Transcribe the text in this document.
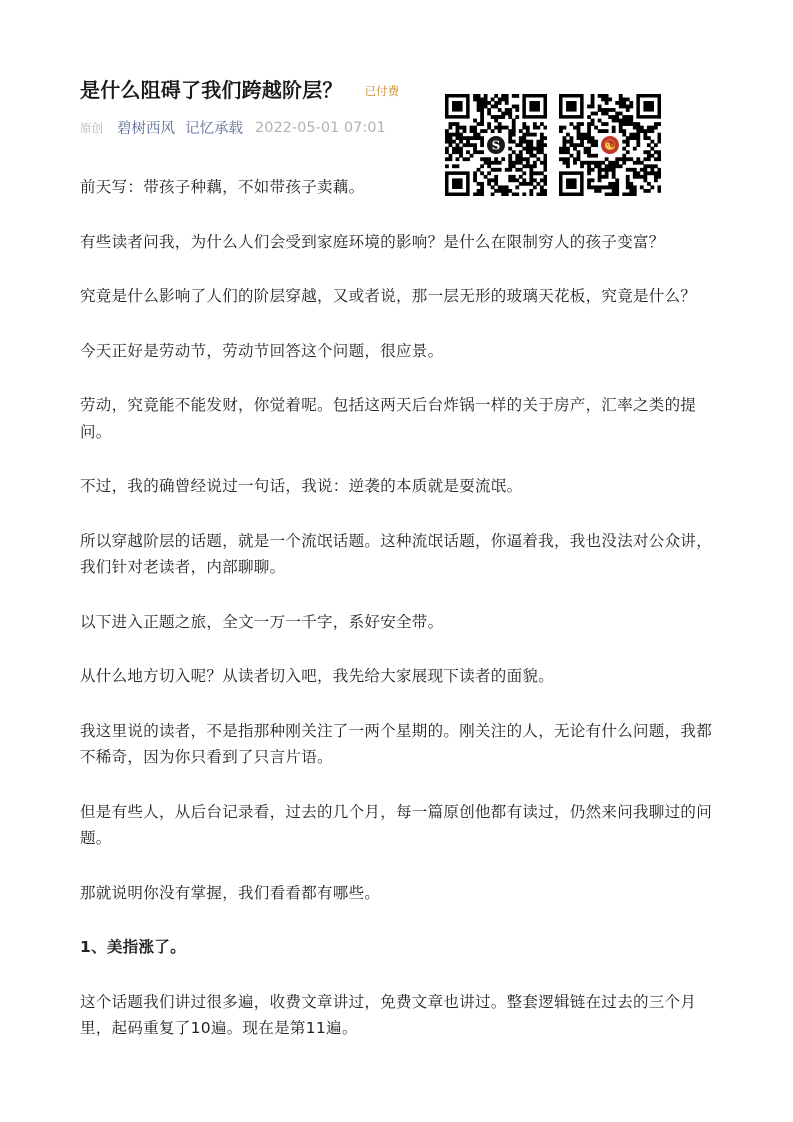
是什么阻碍了我们跨越阶层？ 已付费
原创 碧树西风 记忆承载 2022-05-01 07:01
S	☯

前天写：带孩子种藕，不如带孩子卖藕。

有些读者问我，为什么人们会受到家庭环境的影响？是什么在限制穷人的孩子变富？

究竟是什么影响了人们的阶层穿越，又或者说，那一层无形的玻璃天花板，究竟是什么？

今天正好是劳动节，劳动节回答这个问题，很应景。

劳动，究竟能不能发财，你觉着呢。包括这两天后台炸锅一样的关于房产，汇率之类的提问。

不过，我的确曾经说过一句话，我说：逆袭的本质就是耍流氓。

所以穿越阶层的话题，就是一个流氓话题。这种流氓话题，你逼着我，我也没法对公众讲，我们针对老读者，内部聊聊。

以下进入正题之旅，全文一万一千字，系好安全带。

从什么地方切入呢？从读者切入吧，我先给大家展现下读者的面貌。

我这里说的读者，不是指那种刚关注了一两个星期的。刚关注的人，无论有什么问题，我都不稀奇，因为你只看到了只言片语。

但是有些人，从后台记录看，过去的几个月，每一篇原创他都有读过，仍然来问我聊过的问题。

那就说明你没有掌握，我们看看都有哪些。

1、美指涨了。

这个话题我们讲过很多遍，收费文章讲过，免费文章也讲过。整套逻辑链在过去的三个月里，起码重复了10遍。现在是第11遍。
